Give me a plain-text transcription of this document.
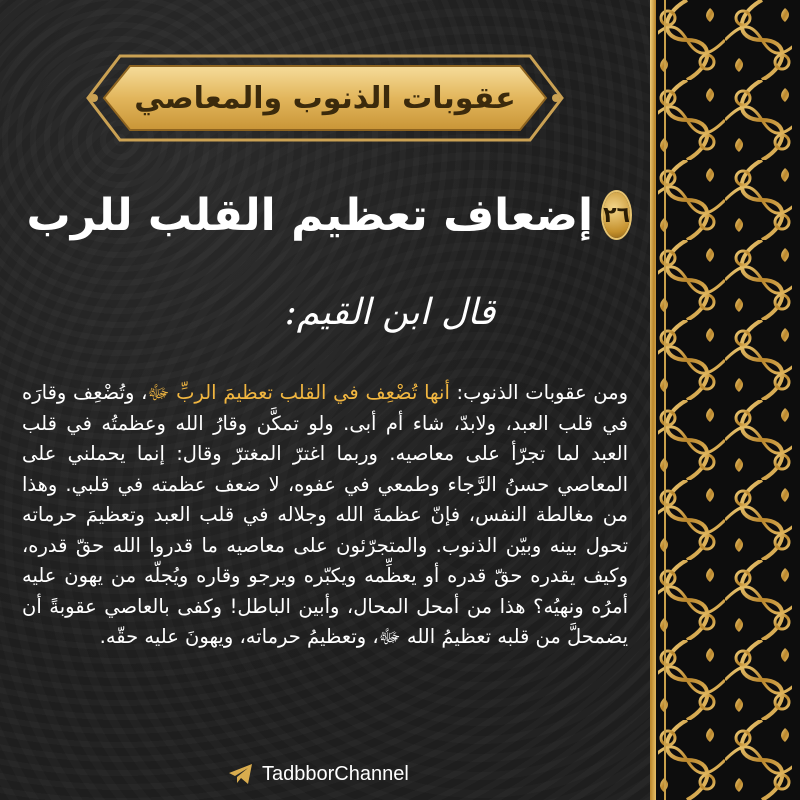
عقوبات الذنوب والمعاصي
٢٦
إضعاف تعظيم القلب للرب
قال ابن القيم:
ومن عقوبات الذنوب: أنها تُضْعِف في القلب تعظيمَ الربِّ ﷻ، وتُضْعِف وقارَه في قلب العبد، ولابدّ، شاء أم أبى. ولو تمكَّن وقارُ الله وعظمتُه في قلب العبد لما تجرّأ على معاصيه. وربما اغترّ المغترّ وقال: إنما يحملني على المعاصي حسنُ الرَّجاء وطمعي في عفوه، لا ضعف عظمته في قلبي. وهذا من مغالطة النفس، فإنّ عظمةَ الله وجلاله في قلب العبد وتعظيمَ حرماته تحول بينه وبيّن الذنوب. والمتجرّئون على معاصيه ما قدروا الله حقّ قدره، وكيف يقدره حقّ قدره أو يعظِّمه ويكبّره ويرجو وقاره ويُجلّه من يهون عليه أمرُه ونهيُه؟ هذا من أمحل المحال، وأبين الباطل! وكفى بالعاصي عقوبةً أن يضمحلَّ من قلبه تعظيمُ الله ﷻ، وتعظيمُ حرماته، ويهونَ عليه حقّه.
TadbborChannel
